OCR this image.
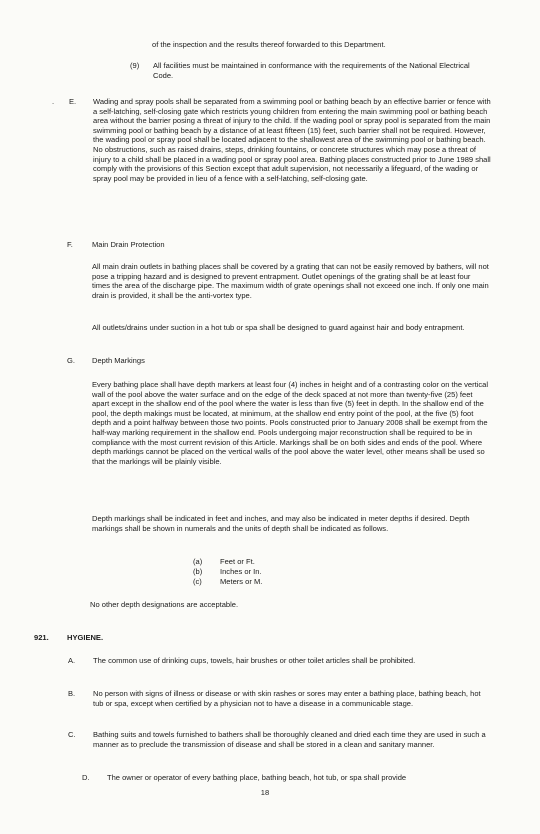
of the inspection and the results thereof forwarded to this Department.

(9) All facilities must be maintained in conformance with the requirements of the National Electrical Code.

. E. Wading and spray pools shall be separated from a swimming pool or bathing beach by an effective barrier or fence with a self-latching, self-closing gate which restricts young children from entering the main swimming pool or bathing beach area without the barrier posing a threat of injury to the child. If the wading pool or spray pool is separated from the main swimming pool or bathing beach by a distance of at least fifteen (15) feet, such barrier shall not be required. However, the wading pool or spray pool shall be located adjacent to the shallowest area of the swimming pool or bathing beach. No obstructions, such as raised drains, steps, drinking fountains, or concrete structures which may pose a threat of injury to a child shall be placed in a wading pool or spray pool area. Bathing places constructed prior to June 1989 shall comply with the provisions of this Section except that adult supervision, not necessarily a lifeguard, of the wading or spray pool may be provided in lieu of a fence with a self-latching, self-closing gate.

F.	Main Drain Protection

All main drain outlets in bathing places shall be covered by a grating that can not be easily removed by bathers, will not pose a tripping hazard and is designed to prevent entrapment. Outlet openings of the grating shall be at least four times the area of the discharge pipe. The maximum width of grate openings shall not exceed one inch. If only one main drain is provided, it shall be the anti-vortex type.

All outlets/drains under suction in a hot tub or spa shall be designed to guard against hair and body entrapment.

G. Depth Markings

Every bathing place shall have depth markers at least four (4) inches in height and of a contrasting color on the vertical wall of the pool above the water surface and on the edge of the deck spaced at not more than twenty-five (25) feet apart except in the shallow end of the pool where the water is less than five (5) feet in depth. In the shallow end of the pool, the depth makings must be located, at minimum, at the shallow end entry point of the pool, at the five (5) foot depth and a point halfway between those two points. Pools constructed prior to January 2008 shall be exempt from the half-way marking requirement in the shallow end. Pools undergoing major reconstruction shall be required to be in compliance with the most current revision of this Article. Markings shall be on both sides and ends of the pool. Where depth markings cannot be placed on the vertical walls of the pool above the water level, other means shall be used so that the markings will be plainly visible.

Depth markings shall be indicated in feet and inches, and may also be indicated in meter depths if desired. Depth markings shall be shown in numerals and the units of depth shall be indicated as follows.

(a) Feet or Ft.

(b) Inches or In.

(c) Meters or M.

No other depth designations are acceptable.

921. HYGIENE.

A. The common use of drinking cups, towels, hair brushes or other toilet articles shall be prohibited.

B. No person with signs of illness or disease or with skin rashes or sores may enter a bathing place, bathing beach, hot tub or spa, except when certified by a physician not to have a disease in a communicable stage.

C. Bathing suits and towels furnished to bathers shall be thoroughly cleaned and dried each time they are used in such a manner as to preclude the transmission of disease and shall be stored in a clean and sanitary manner.

D. The owner or operator of every bathing place, bathing beach, hot tub, or spa shall provide

18
